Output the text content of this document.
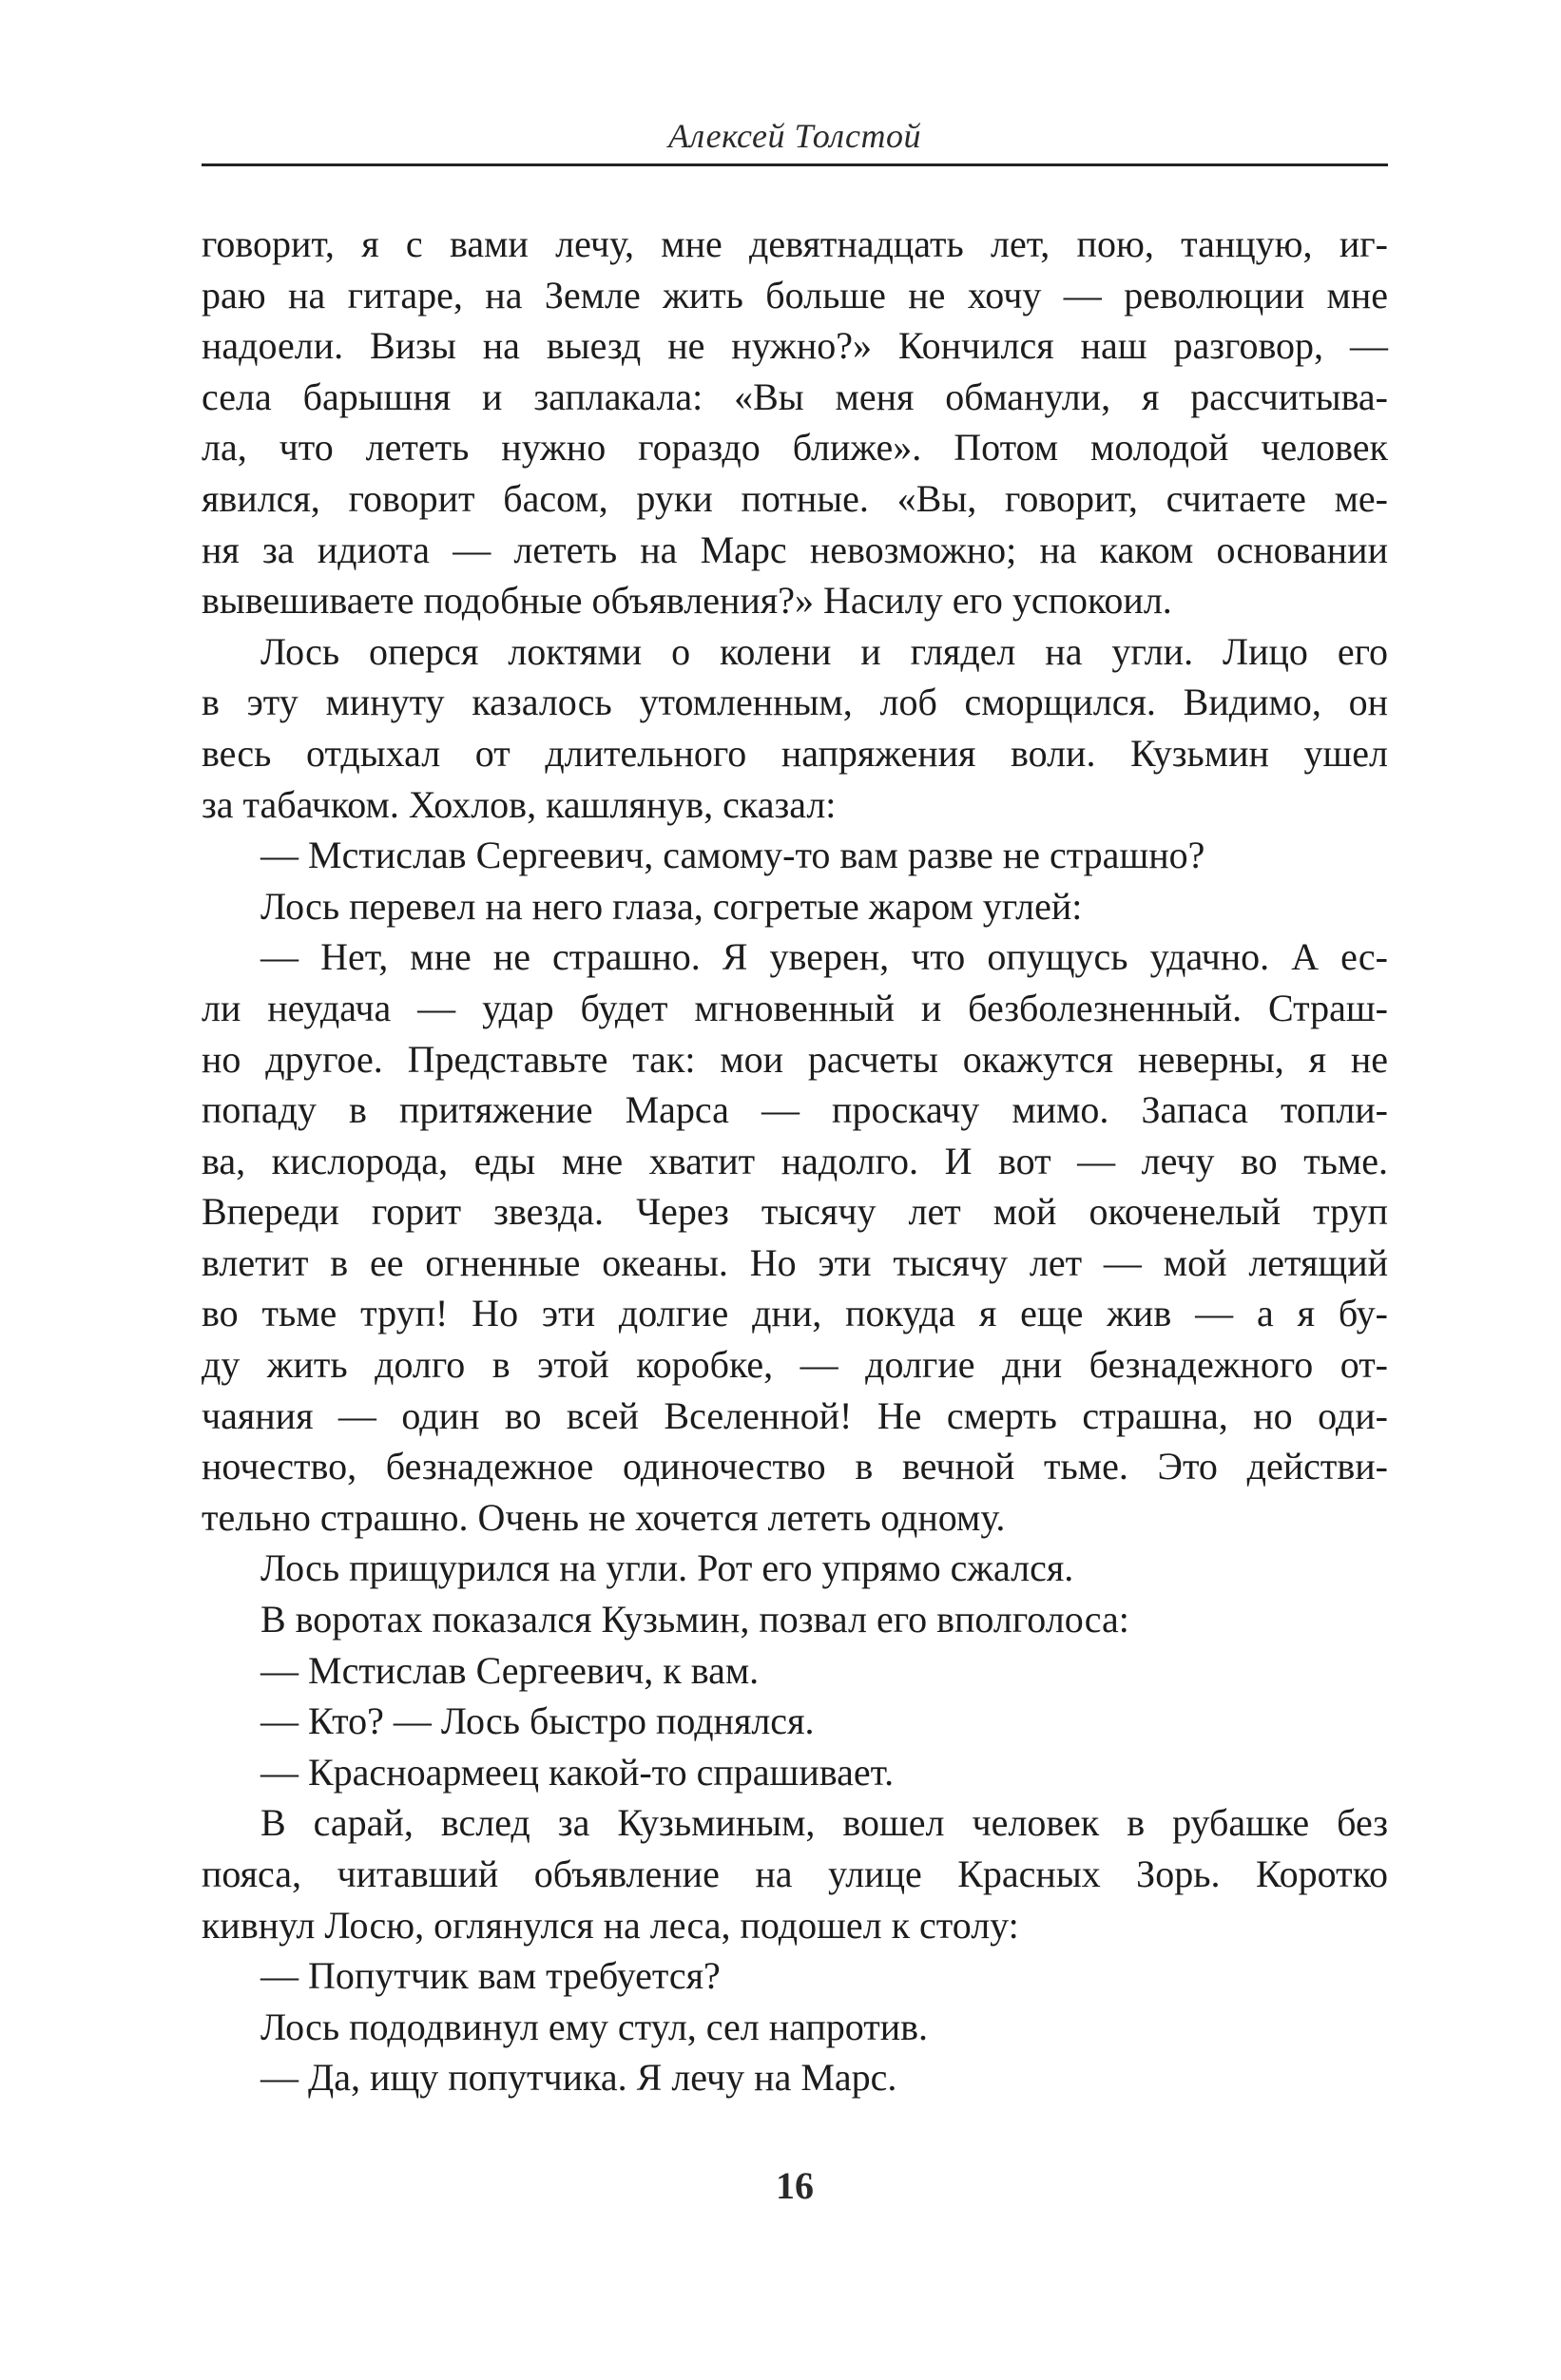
Алексей Толстой
говорит, я с вами лечу, мне девятнадцать лет, пою, танцую, иг-
раю на гитаре, на Земле жить больше не хочу — революции мне
надоели. Визы на выезд не нужно?» Кончился наш разговор, —
села барышня и заплакала: «Вы меня обманули, я рассчитыва-
ла, что лететь нужно гораздо ближе». Потом молодой человек
явился, говорит басом, руки потные. «Вы, говорит, считаете ме-
ня за идиота — лететь на Марс невозможно; на каком основании
вывешиваете подобные объявления?» Насилу его успокоил.
Лось оперся локтями о колени и глядел на угли. Лицо его
в эту минуту казалось утомленным, лоб сморщился. Видимо, он
весь отдыхал от длительного напряжения воли. Кузьмин ушел
за табачком. Хохлов, кашлянув, сказал:
— Мстислав Сергеевич, самому-то вам разве не страшно?
Лось перевел на него глаза, согретые жаром углей:
— Нет, мне не страшно. Я уверен, что опущусь удачно. А ес-
ли неудача — удар будет мгновенный и безболезненный. Страш-
но другое. Представьте так: мои расчеты окажутся неверны, я не
попаду в притяжение Марса — проскачу мимо. Запаса топли-
ва, кислорода, еды мне хватит надолго. И вот — лечу во тьме.
Впереди горит звезда. Через тысячу лет мой окоченелый труп
влетит в ее огненные океаны. Но эти тысячу лет — мой летящий
во тьме труп! Но эти долгие дни, покуда я еще жив — а я бу-
ду жить долго в этой коробке, — долгие дни безнадежного от-
чаяния — один во всей Вселенной! Не смерть страшна, но оди-
ночество, безнадежное одиночество в вечной тьме. Это действи-
тельно страшно. Очень не хочется лететь одному.
Лось прищурился на угли. Рот его упрямо сжался.
В воротах показался Кузьмин, позвал его вполголоса:
— Мстислав Сергеевич, к вам.
— Кто? — Лось быстро поднялся.
— Красноармеец какой-то спрашивает.
В сарай, вслед за Кузьминым, вошел человек в рубашке без
пояса, читавший объявление на улице Красных Зорь. Коротко
кивнул Лосю, оглянулся на леса, подошел к столу:
— Попутчик вам требуется?
Лось пододвинул ему стул, сел напротив.
— Да, ищу попутчика. Я лечу на Марс.
16
